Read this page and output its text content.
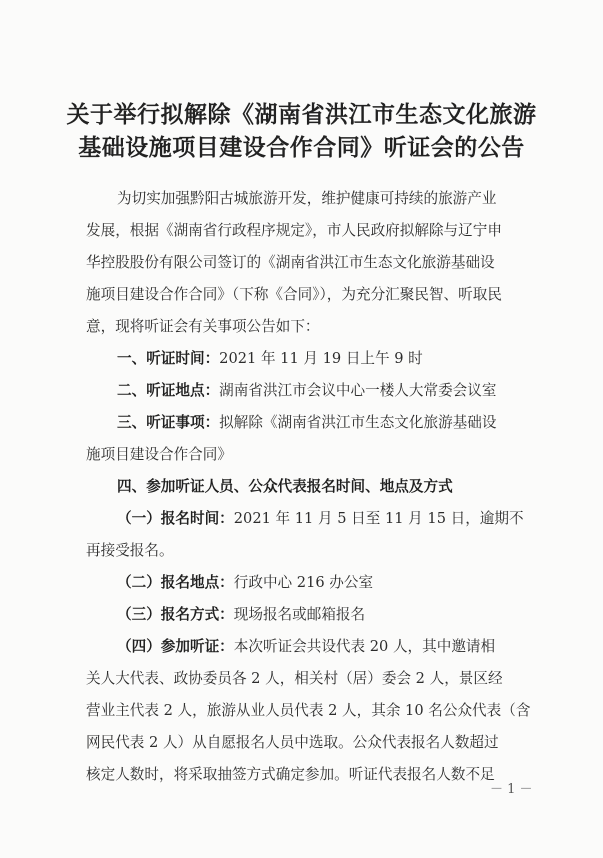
关于举行拟解除《湖南省洪江市生态文化旅游
基础设施项目建设合作合同》听证会的公告
为切实加强黔阳古城旅游开发，维护健康可持续的旅游产业
发展，根据《湖南省行政程序规定》，市人民政府拟解除与辽宁申
华控股股份有限公司签订的《湖南省洪江市生态文化旅游基础设
施项目建设合作合同》（下称《合同》），为充分汇聚民智、听取民
意，现将听证会有关事项公告如下：
一、听证时间：2021 年 11 月 19 日上午 9 时
二、听证地点：湖南省洪江市会议中心一楼人大常委会议室
三、听证事项：拟解除《湖南省洪江市生态文化旅游基础设
施项目建设合作合同》
四、参加听证人员、公众代表报名时间、地点及方式
（一）报名时间：2021 年 11 月 5 日至 11 月 15 日，逾期不
再接受报名。
（二）报名地点：行政中心 216 办公室
（三）报名方式：现场报名或邮箱报名
（四）参加听证：本次听证会共设代表 20 人，其中邀请相
关人大代表、政协委员各 2 人，相关村（居）委会 2 人，景区经
营业主代表 2 人，旅游从业人员代表 2 人，其余 10 名公众代表（含
网民代表 2 人）从自愿报名人员中选取。公众代表报名人数超过
核定人数时，将采取抽签方式确定参加。听证代表报名人数不足
－ 1 －
